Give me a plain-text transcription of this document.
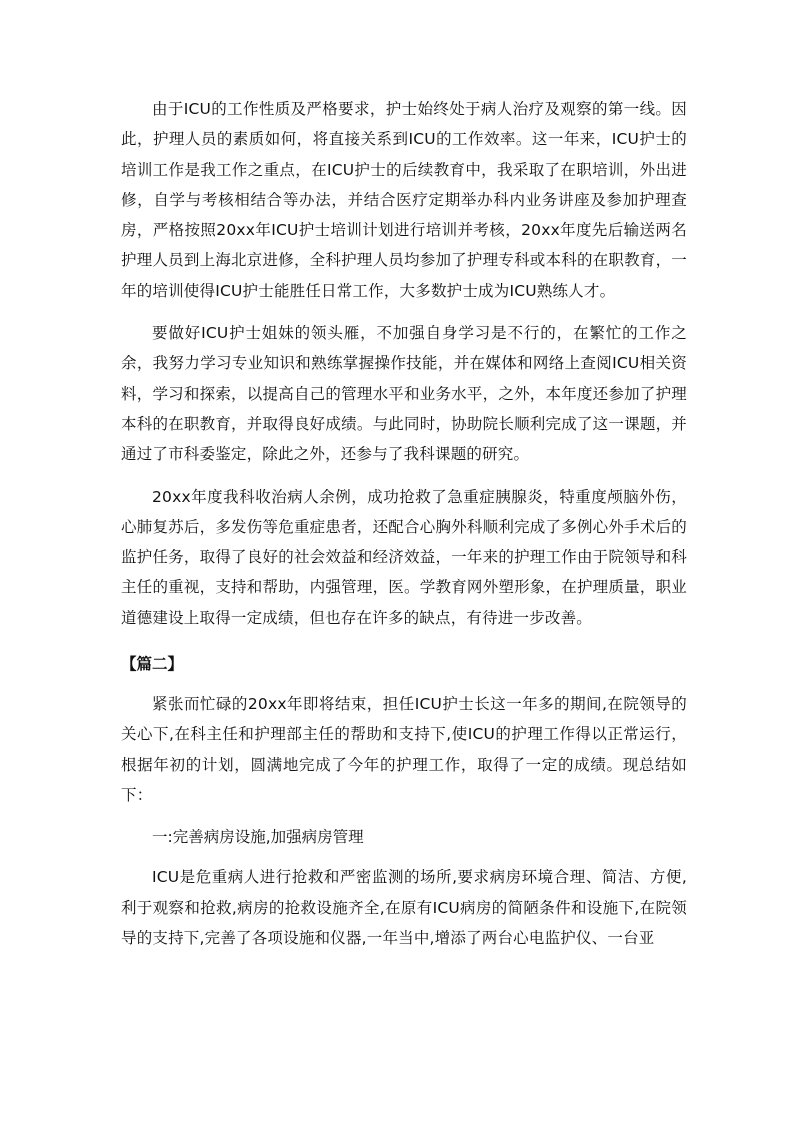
由于ICU的工作性质及严格要求，护士始终处于病人治疗及观察的第一线。因此，护理人员的素质如何，将直接关系到ICU的工作效率。这一年来，ICU护士的培训工作是我工作之重点，在ICU护士的后续教育中，我采取了在职培训，外出进修，自学与考核相结合等办法，并结合医疗定期举办科内业务讲座及参加护理查房，严格按照20xx年ICU护士培训计划进行培训并考核，20xx年度先后输送两名护理人员到上海北京进修，全科护理人员均参加了护理专科或本科的在职教育，一年的培训使得ICU护士能胜任日常工作，大多数护士成为ICU熟练人才。

要做好ICU护士姐妹的领头雁，不加强自身学习是不行的，在繁忙的工作之余，我努力学习专业知识和熟练掌握操作技能，并在媒体和网络上查阅ICU相关资料，学习和探索，以提高自己的管理水平和业务水平，之外，本年度还参加了护理本科的在职教育，并取得良好成绩。与此同时，协助院长顺利完成了这一课题，并通过了市科委鉴定，除此之外，还参与了我科课题的研究。

20xx年度我科收治病人余例，成功抢救了急重症胰腺炎，特重度颅脑外伤，心肺复苏后，多发伤等危重症患者，还配合心胸外科顺利完成了多例心外手术后的监护任务，取得了良好的社会效益和经济效益，一年来的护理工作由于院领导和科主任的重视，支持和帮助，内强管理，医。学教育网外塑形象，在护理质量，职业道德建设上取得一定成绩，但也存在许多的缺点，有待进一步改善。

【篇二】

紧张而忙碌的20xx年即将结束，担任ICU护士长这一年多的期间,在院领导的关心下,在科主任和护理部主任的帮助和支持下,使ICU的护理工作得以正常运行，根据年初的计划，圆满地完成了今年的护理工作，取得了一定的成绩。现总结如下：

一:完善病房设施,加强病房管理

ICU是危重病人进行抢救和严密监测的场所,要求病房环境合理、简洁、方便,利于观察和抢救,病房的抢救设施齐全,在原有ICU病房的简陋条件和设施下,在院领导的支持下,完善了各项设施和仪器,一年当中,增添了两台心电监护仪、一台亚
